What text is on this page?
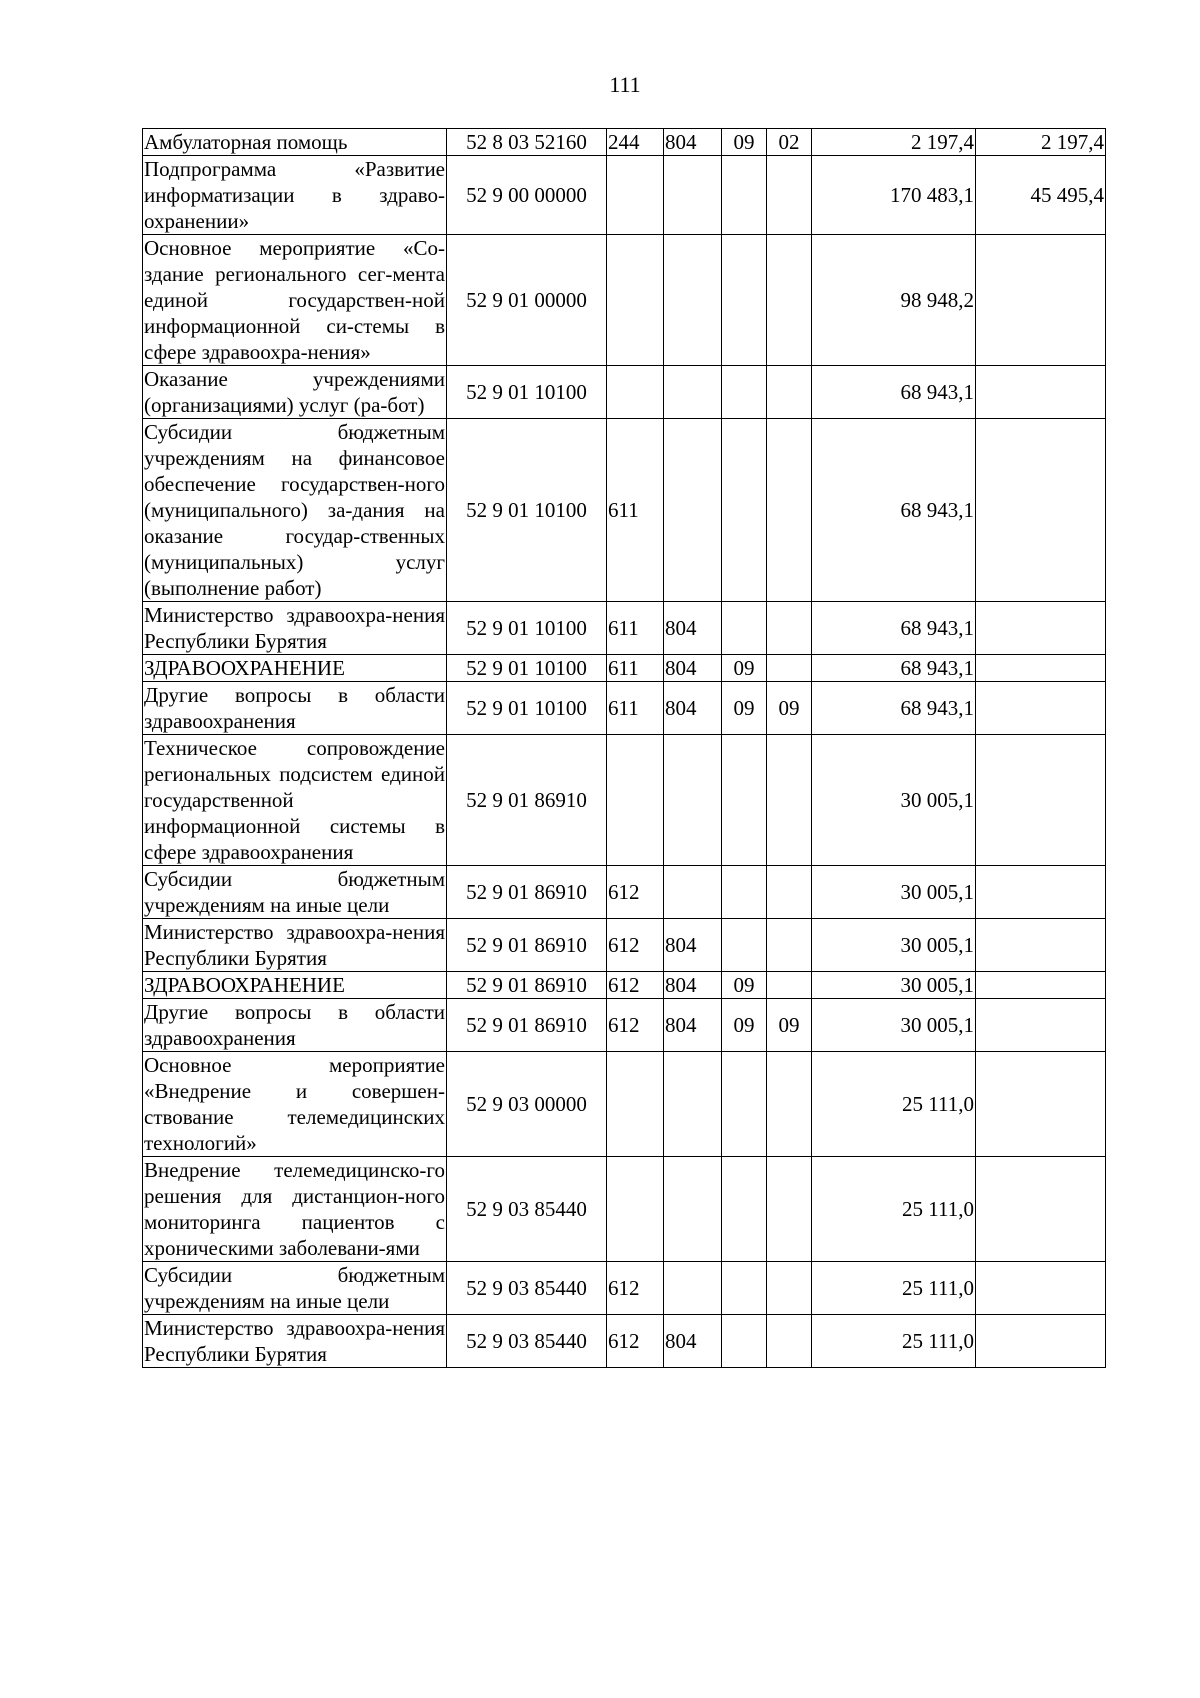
111
Амбулаторная помощь	52 8 03 52160	244	804	09	02	2 197,4	2 197,4
Подпрограмма «Развитие информатизации в здраво-охранении»	52 9 00 00000					170 483,1	45 495,4
Основное мероприятие «Со-здание регионального сег-мента единой государствен-ной информационной си-стемы в сфере здравоохра-нения»	52 9 01 00000					98 948,2	
Оказание учреждениями (организациями) услуг (ра-бот)	52 9 01 10100					68 943,1	
Субсидии бюджетным учреждениям на финансовое обеспечение государствен-ного (муниципального) за-дания на оказание государ-ственных (муниципальных) услуг (выполнение работ)	52 9 01 10100	611				68 943,1	
Министерство здравоохра-нения Республики Бурятия	52 9 01 10100	611	804			68 943,1	
ЗДРАВООХРАНЕНИЕ	52 9 01 10100	611	804	09		68 943,1	
Другие вопросы в области здравоохранения	52 9 01 10100	611	804	09	09	68 943,1	
Техническое сопровождение региональных подсистем единой государственной информационной системы в сфере здравоохранения	52 9 01 86910					30 005,1	
Субсидии бюджетным учреждениям на иные цели	52 9 01 86910	612				30 005,1	
Министерство здравоохра-нения Республики Бурятия	52 9 01 86910	612	804			30 005,1	
ЗДРАВООХРАНЕНИЕ	52 9 01 86910	612	804	09		30 005,1	
Другие вопросы в области здравоохранения	52 9 01 86910	612	804	09	09	30 005,1	
Основное мероприятие «Внедрение и совершен-ствование телемедицинских технологий»	52 9 03 00000					25 111,0	
Внедрение телемедицинско-го решения для дистанцион-ного мониторинга пациентов с хроническими заболевани-ями	52 9 03 85440					25 111,0	
Субсидии бюджетным учреждениям на иные цели	52 9 03 85440	612				25 111,0	
Министерство здравоохра-нения Республики Бурятия	52 9 03 85440	612	804			25 111,0	
